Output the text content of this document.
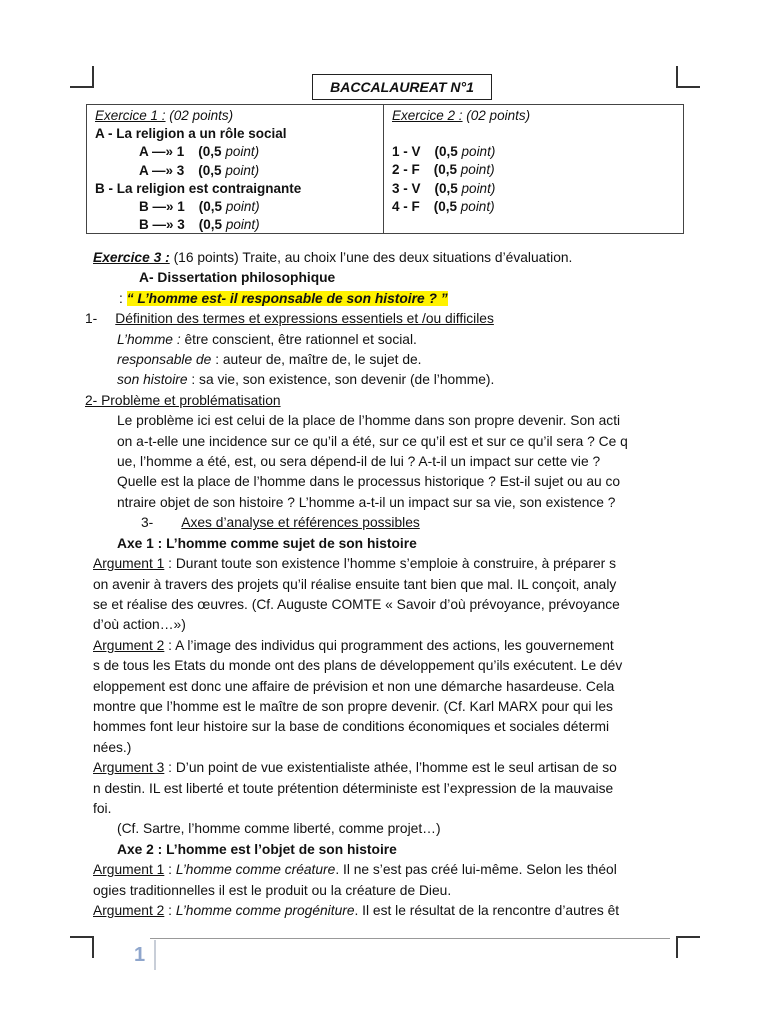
1
BACCALAUREAT N°1
Exercice 1 : (02 points)
A - La religion a un rôle social
A —» 1 (0,5 point)
A —» 3 (0,5 point)
B - La religion est contraignante
B —» 1 (0,5 point)
B —» 3 (0,5 point)
Exercice 2 : (02 points)
1 - V (0,5 point)
2 - F (0,5 point)
3 - V (0,5 point)
4 - F (0,5 point)
Exercice 3 : (16 points) Traite, au choix l’une des deux situations d’évaluation.
A- Dissertation philosophique
: “ L’homme est- il responsable de son histoire ? ”
1- Définition des termes et expressions essentiels et /ou difficiles
L’homme : être conscient, être rationnel et social.
responsable de : auteur de, maître de, le sujet de.
son histoire : sa vie, son existence, son devenir (de l’homme).
2- Problème et problématisation
Le problème ici est celui de la place de l’homme dans son propre devenir. Son acti
on a-t-elle une incidence sur ce qu’il a été, sur ce qu’il est et sur ce qu’il sera ? Ce q
ue, l’homme a été, est, ou sera dépend-il de lui ? A-t-il un impact sur cette vie ?
Quelle est la place de l’homme dans le processus historique ? Est-il sujet ou au co
ntraire objet de son histoire ? L’homme a-t-il un impact sur sa vie, son existence ?
3- Axes d’analyse et références possibles
Axe 1 : L’homme comme sujet de son histoire
Argument 1 : Durant toute son existence l’homme s’emploie à construire, à préparer s
on avenir à travers des projets qu’il réalise ensuite tant bien que mal. IL conçoit, analy
se et réalise des œuvres. (Cf. Auguste COMTE « Savoir d’où prévoyance, prévoyance
d’où action…»)
Argument 2 : A l’image des individus qui programment des actions, les gouvernement
s de tous les Etats du monde ont des plans de développement qu’ils exécutent. Le dév
eloppement est donc une affaire de prévision et non une démarche hasardeuse. Cela
montre que l’homme est le maître de son propre devenir. (Cf. Karl MARX pour qui les
hommes font leur histoire sur la base de conditions économiques et sociales détermi
nées.)
Argument 3 : D’un point de vue existentialiste athée, l’homme est le seul artisan de so
n destin. IL est liberté et toute prétention déterministe est l’expression de la mauvaise
foi.
(Cf. Sartre, l’homme comme liberté, comme projet…)
Axe 2 : L’homme est l’objet de son histoire
Argument 1 : L’homme comme créature. Il ne s’est pas créé lui-même. Selon les théol
ogies traditionnelles il est le produit ou la créature de Dieu.
Argument 2 : L’homme comme progéniture. Il est le résultat de la rencontre d’autres êt
